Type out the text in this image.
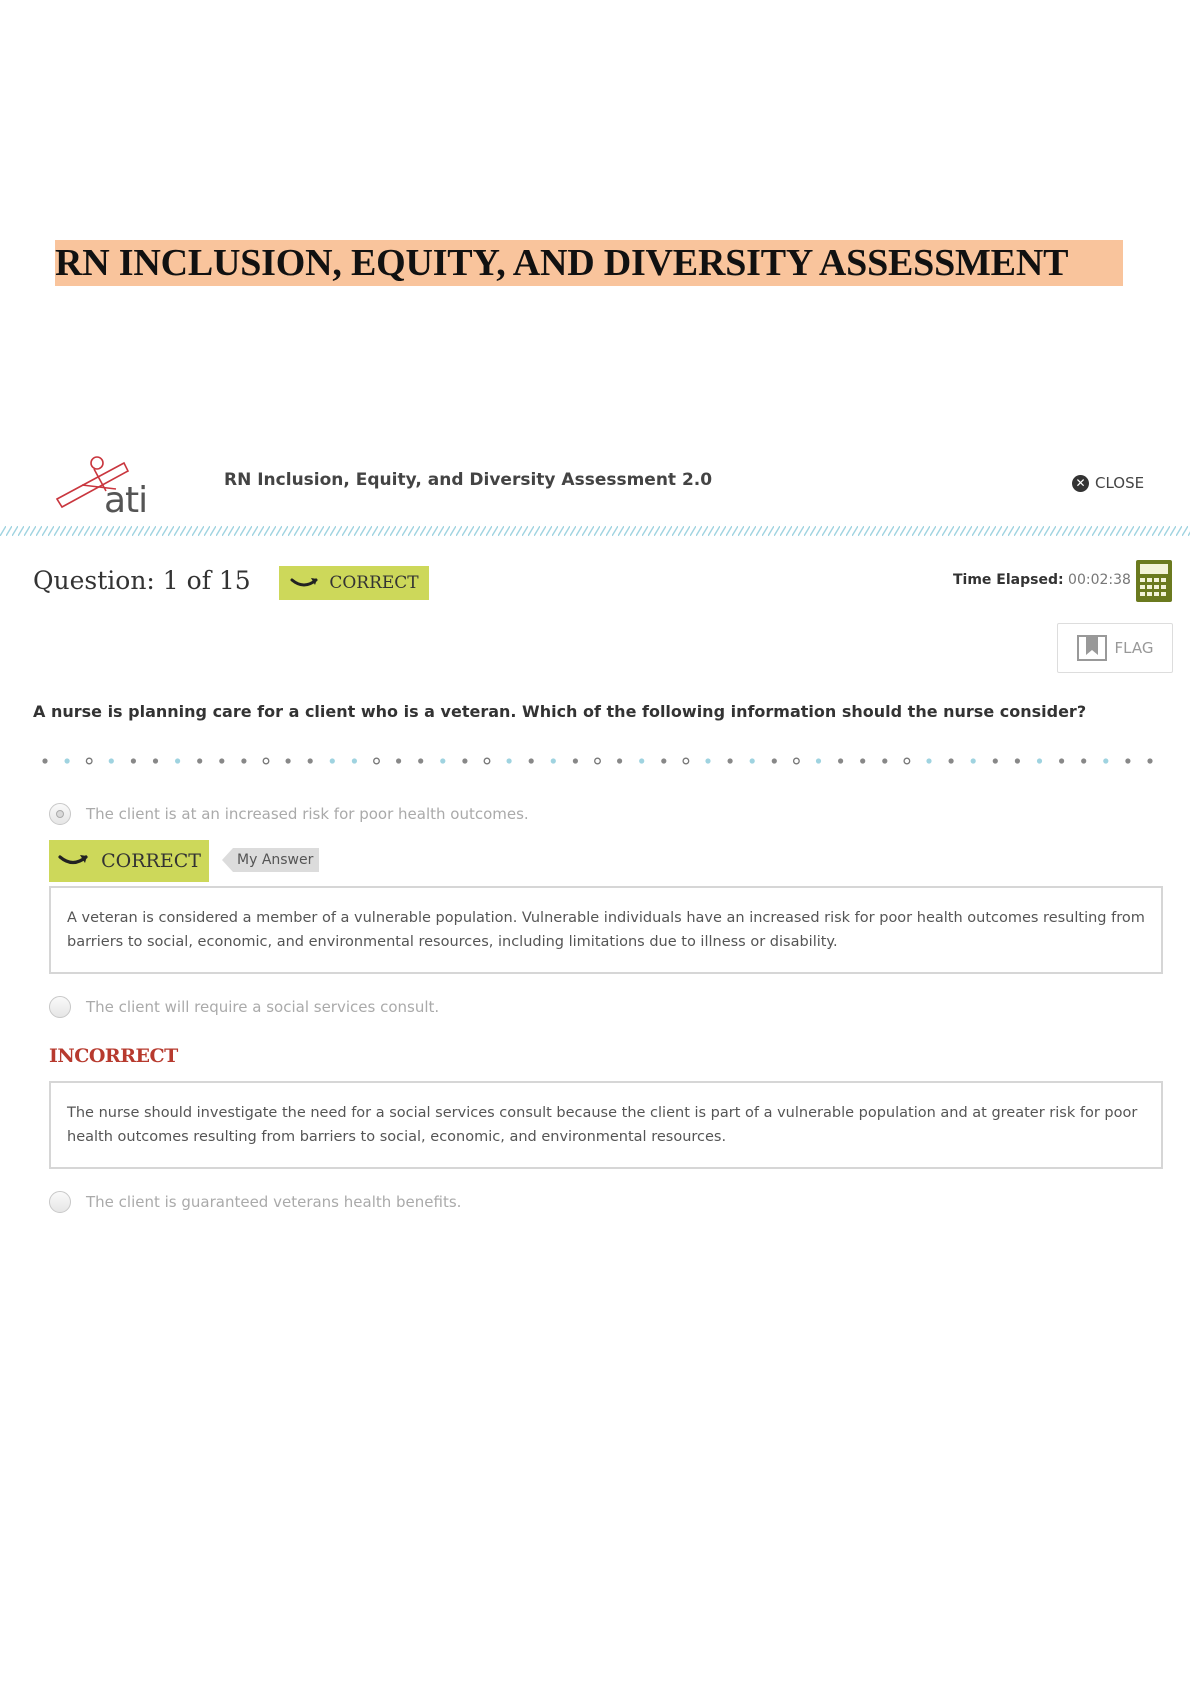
RN INCLUSION, EQUITY, AND DIVERSITY ASSESSMENT
ati	RN Inclusion, Equity, and Diversity Assessment 2.0	✕ CLOSE
Question: 1 of 15	CORRECT	Time Elapsed: 00:02:38
FLAG
A nurse is planning care for a client who is a veteran. Which of the following information should the nurse consider?
The client is at an increased risk for poor health outcomes.
CORRECT	My Answer
A veteran is considered a member of a vulnerable population. Vulnerable individuals have an increased risk for poor health outcomes resulting from barriers to social, economic, and environmental resources, including limitations due to illness or disability.
The client will require a social services consult.
INCORRECT
The nurse should investigate the need for a social services consult because the client is part of a vulnerable population and at greater risk for poor health outcomes resulting from barriers to social, economic, and environmental resources.
The client is guaranteed veterans health benefits.
